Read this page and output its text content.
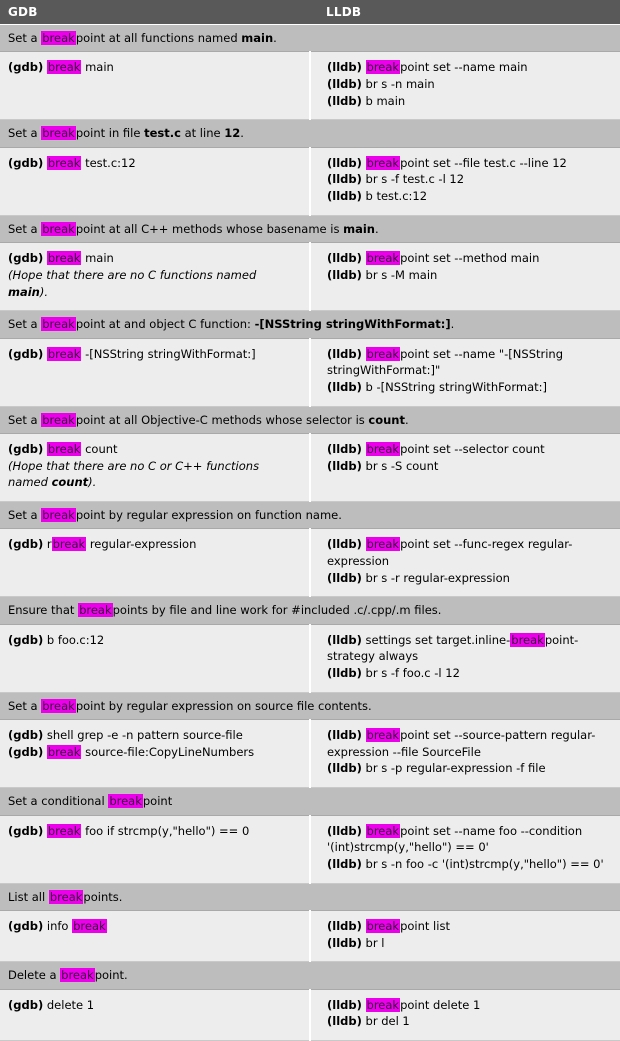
GDB	LLDB
Set a breakpoint at all functions named main.	

(gdb) break main	(lldb) breakpoint set --name main
(lldb) br s -n main
(lldb) b main

Set a breakpoint in file test.c at line 12.	

(gdb) break test.c:12	(lldb) breakpoint set --file test.c --line 12
(lldb) br s -f test.c -l 12
(lldb) b test.c:12

Set a breakpoint at all C++ methods whose basename is main.	

(gdb) break main
(Hope that there are no C functions named main).	(lldb) breakpoint set --method main
(lldb) br s -M main

Set a breakpoint at and object C function: -[NSString stringWithFormat:].	

(gdb) break -[NSString stringWithFormat:]	(lldb) breakpoint set --name "-[NSString stringWithFormat:]"
(lldb) b -[NSString stringWithFormat:]

Set a breakpoint at all Objective-C methods whose selector is count.	

(gdb) break count
(Hope that there are no C or C++ functions named count).	(lldb) breakpoint set --selector count
(lldb) br s -S count

Set a breakpoint by regular expression on function name.	

(gdb) rbreak regular-expression	(lldb) breakpoint set --func-regex regular-expression
(lldb) br s -r regular-expression

Ensure that breakpoints by file and line work for #included .c/.cpp/.m files.	

(gdb) b foo.c:12	(lldb) settings set target.inline-breakpoint-strategy always
(lldb) br s -f foo.c -l 12

Set a breakpoint by regular expression on source file contents.	

(gdb) shell grep -e -n pattern source-file
(gdb) break source-file:CopyLineNumbers	(lldb) breakpoint set --source-pattern regular-expression --file SourceFile
(lldb) br s -p regular-expression -f file

Set a conditional breakpoint	

(gdb) break foo if strcmp(y,"hello") == 0	(lldb) breakpoint set --name foo --condition '(int)strcmp(y,"hello") == 0'
(lldb) br s -n foo -c '(int)strcmp(y,"hello") == 0'

List all breakpoints.	

(gdb) info break	(lldb) breakpoint list
(lldb) br l

Delete a breakpoint.	

(gdb) delete 1	(lldb) breakpoint delete 1
(lldb) br del 1
